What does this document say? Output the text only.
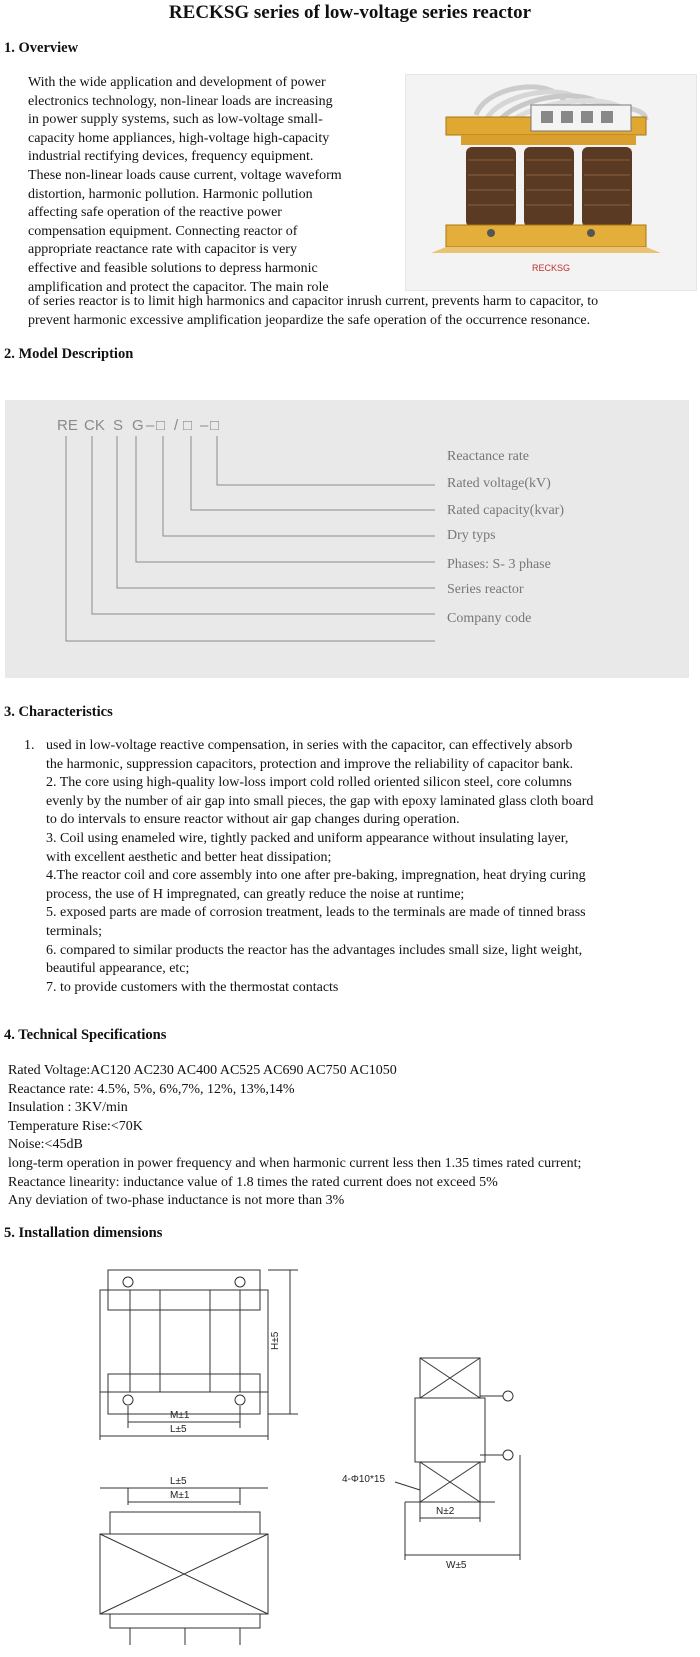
RECKSG series of low-voltage series reactor
1. Overview
With the wide application and development of power
electronics technology, non-linear loads are increasing
in power supply systems, such as low-voltage small-
capacity home appliances, high-voltage high-capacity
industrial rectifying devices, frequency equipment.
These non-linear loads cause current, voltage waveform
distortion, harmonic pollution. Harmonic pollution
affecting safe operation of the reactive power
compensation equipment. Connecting reactor of
appropriate reactance rate with capacitor is very
effective and feasible solutions to depress harmonic
amplification and protect the capacitor. The main role
of series reactor is to limit high harmonics and capacitor inrush current, prevents harm to capacitor, to
prevent harmonic excessive amplification jeopardize the safe operation of the occurrence resonance.
RECKSG
2. Model Description
RE CK S G – □ / □ – □
Reactance rate
Rated voltage(kV)
Rated capacity(kvar)
Dry typs
Phases: S- 3 phase
Series reactor
Company code
3. Characteristics
1. used in low-voltage reactive compensation, in series with the capacitor, can effectively absorb
the harmonic, suppression capacitors, protection and improve the reliability of capacitor bank.
2. The core using high-quality low-loss import cold rolled oriented silicon steel, core columns
evenly by the number of air gap into small pieces, the gap with epoxy laminated glass cloth board
to do intervals to ensure reactor without air gap changes during operation.
3. Coil using enameled wire, tightly packed and uniform appearance without insulating layer,
with excellent aesthetic and better heat dissipation;
4.The reactor coil and core assembly into one after pre-baking, impregnation, heat drying curing
process, the use of H impregnated, can greatly reduce the noise at runtime;
5. exposed parts are made of corrosion treatment, leads to the terminals are made of tinned brass
terminals;
6. compared to similar products the reactor has the advantages includes small size, light weight,
beautiful appearance, etc;
7. to provide customers with the thermostat contacts
4. Technical Specifications
Rated Voltage:AC120 AC230 AC400 AC525 AC690 AC750 AC1050
Reactance rate: 4.5%, 5%, 6%,7%, 12%, 13%,14%
Insulation : 3KV/min
Temperature Rise:<70K
Noise:<45dB
long-term operation in power frequency and when harmonic current less then 1.35 times rated current;
Reactance linearity: inductance value of 1.8 times the rated current does not exceed 5%
Any deviation of two-phase inductance is not more than 3%
5. Installation dimensions
H±5
M±1
L±5
L±5
M±1
4-Φ10*15
N±2
W±5
